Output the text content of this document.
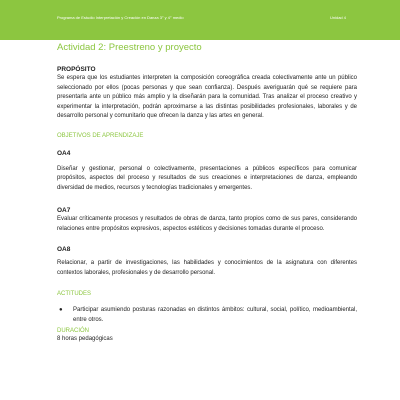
Programa de Estudio Interpretación y Creación en Danza 3° y 4° medio	Unidad 4
Actividad 2: Preestreno y proyecto
PROPÓSITO

Se espera que los estudiantes interpreten la composición coreográfica creada colectivamente ante un público seleccionado por ellos (pocas personas y que sean confianza). Después averiguarán qué se requiere para presentarla ante un público más amplio y la diseñarán para la comunidad. Tras analizar el proceso creativo y experimentar la interpretación, podrán aproximarse a las distintas posibilidades profesionales, laborales y de desarrollo personal y comunitario que ofrecen la danza y las artes en general.

OBJETIVOS DE APRENDIZAJE
OA4

Diseñar y gestionar, personal o colectivamente, presentaciones a públicos específicos para comunicar propósitos, aspectos del proceso y resultados de sus creaciones e interpretaciones de danza, empleando diversidad de medios, recursos y tecnologías tradicionales y emergentes.

OA7

Evaluar críticamente procesos y resultados de obras de danza, tanto propios como de sus pares, considerando relaciones entre propósitos expresivos, aspectos estéticos y decisiones tomadas durante el proceso.

OA8

Relacionar, a partir de investigaciones, las habilidades y conocimientos de la asignatura con diferentes contextos laborales, profesionales y de desarrollo personal.

ACTITUDES
●	Participar asumiendo posturas razonadas en distintos ámbitos: cultural, social, político, medioambiental, entre otros.

DURACIÓN
8 horas pedagógicas
